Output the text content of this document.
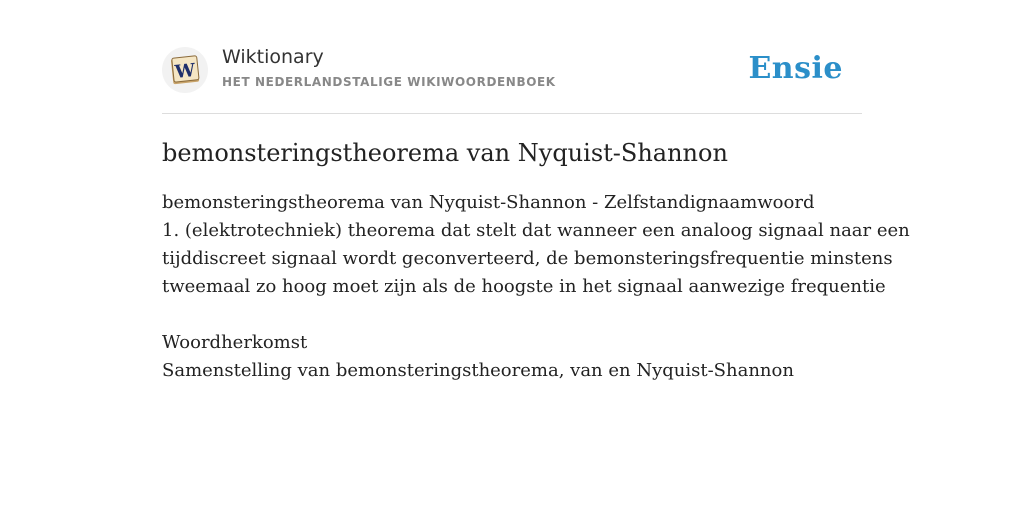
W
Wiktionary
HET NEDERLANDSTALIGE WIKIWOORDENBOEK	Ensie
bemonsteringstheorema van Nyquist-Shannon
bemonsteringstheorema van Nyquist-Shannon - Zelfstandignaamwoord
1. (elektrotechniek) theorema dat stelt dat wanneer een analoog signaal naar een
tijddiscreet signaal wordt geconverteerd, de bemonsteringsfrequentie minstens
tweemaal zo hoog moet zijn als de hoogste in het signaal aanwezige frequentie
Woordherkomst
Samenstelling van bemonsteringstheorema, van en Nyquist-Shannon
